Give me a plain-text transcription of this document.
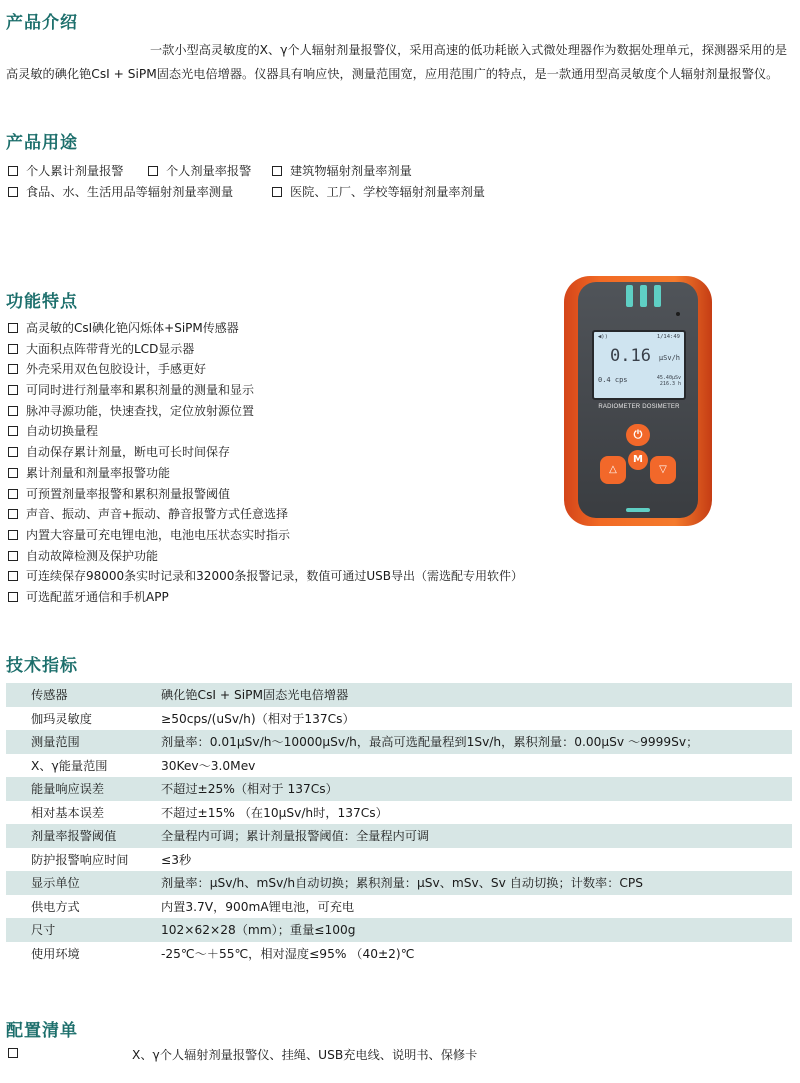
产品介绍
一款小型高灵敏度的X、γ个人辐射剂量报警仪，采用高速的低功耗嵌入式微处理器作为数据处理单元，探测器采用的是
高灵敏的碘化铯CsI + SiPM固态光电倍增器。仪器具有响应快，测量范围宽，应用范围广的特点，是一款通用型高灵敏度个人辐射剂量报警仪。
产品用途
个人累计剂量报警	个人剂量率报警	建筑物辐射剂量率剂量
食品、水、生活用品等辐射剂量率测量	医院、工厂、学校等辐射剂量率剂量
功能特点
高灵敏的CsI碘化铯闪烁体+SiPM传感器
大面积点阵带背光的LCD显示器
外壳采用双色包胶设计，手感更好
可同时进行剂量率和累积剂量的测量和显示
脉冲寻源功能，快速查找，定位放射源位置
自动切换量程
自动保存累计剂量，断电可长时间保存
累计剂量和剂量率报警功能
可预置剂量率报警和累积剂量报警阈值
声音、振动、声音+振动、静音报警方式任意选择
内置大容量可充电锂电池，电池电压状态实时指示
自动故障检测及保护功能
可连续保存98000条实时记录和32000条报警记录，数值可通过USB导出（需选配专用软件）
可选配蓝牙通信和手机APP
◀))	1/14:49
0.16 μSv/h
0.4 cps	45.40μSv
216.3 h
RADIOMETER DOSIMETER
⏻
M
△	▽
技术指标
传感器	碘化铯CsI + SiPM固态光电倍增器
伽玛灵敏度	≥50cps/(uSv/h)（相对于137Cs）
测量范围	剂量率：0.01μSv/h～10000μSv/h，最高可选配量程到1Sv/h，累积剂量：0.00μSv ～9999Sv；
X、γ能量范围	30Kev～3.0Mev
能量响应误差	不超过±25%（相对于 137Cs）
相对基本误差	不超过±15% （在10μSv/h时，137Cs）
剂量率报警阈值	全量程内可调；累计剂量报警阈值：全量程内可调
防护报警响应时间	≤3秒
显示单位	剂量率：μSv/h、mSv/h自动切换；累积剂量：μSv、mSv、Sv 自动切换；计数率：CPS
供电方式	内置3.7V，900mA锂电池，可充电
尺寸	102×62×28（mm）；重量≤100g
使用环境	-25℃～＋55℃，相对湿度≤95% （40±2)℃
配置清单
X、γ个人辐射剂量报警仪、挂绳、USB充电线、说明书、保修卡
